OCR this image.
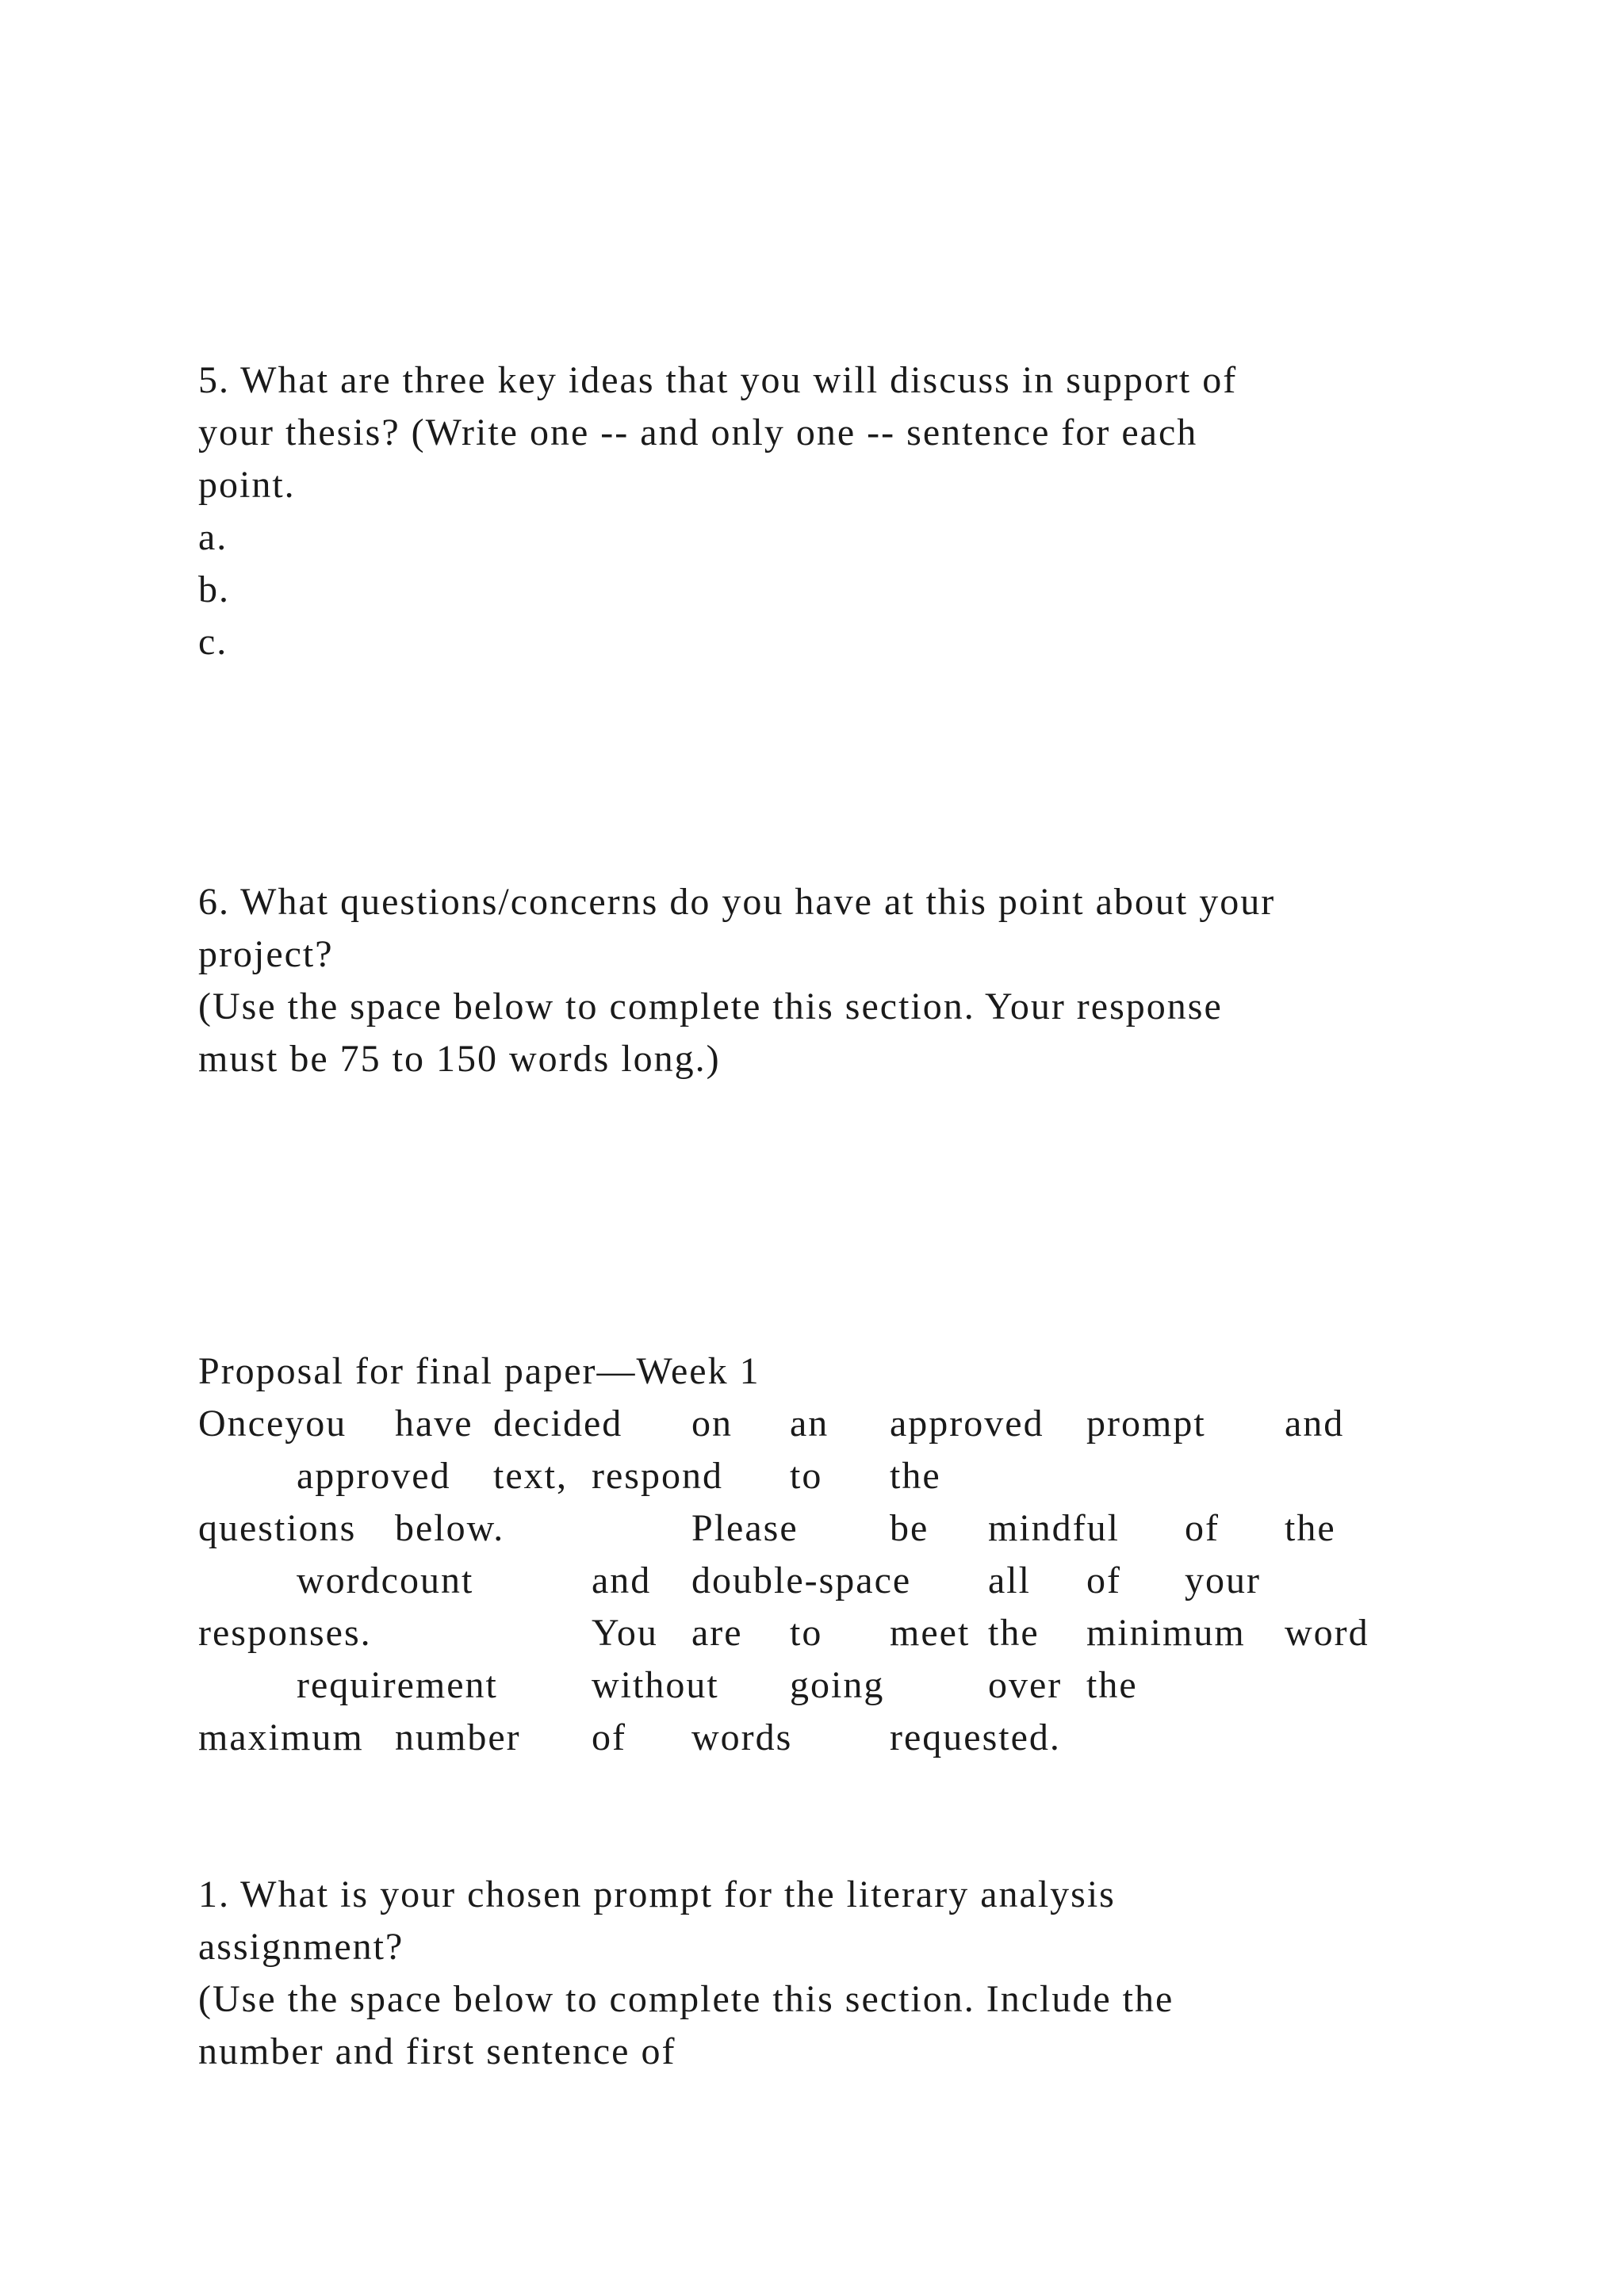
5. What are three key ideas that you will discuss in support of
your thesis? (Write one -- and only one -- sentence for each
point.
a.
b.
c.
6. What questions/concerns do you have at this point about your
project?
(Use the space below to complete this section. Your response
must be 75 to 150 words long.)
Proposal for final paper—Week 1
Onceyou have decided on an approved prompt and
approved text, respond to the
questions below.	Please be mindful of the
wordcount	and double-space all of your
responses.	You are to meet the minimum word
requirement without going	over the
maximum number of words	requested.
1. What is your chosen prompt for the literary analysis
assignment?
(Use the space below to complete this section. Include the
number and first sentence of
